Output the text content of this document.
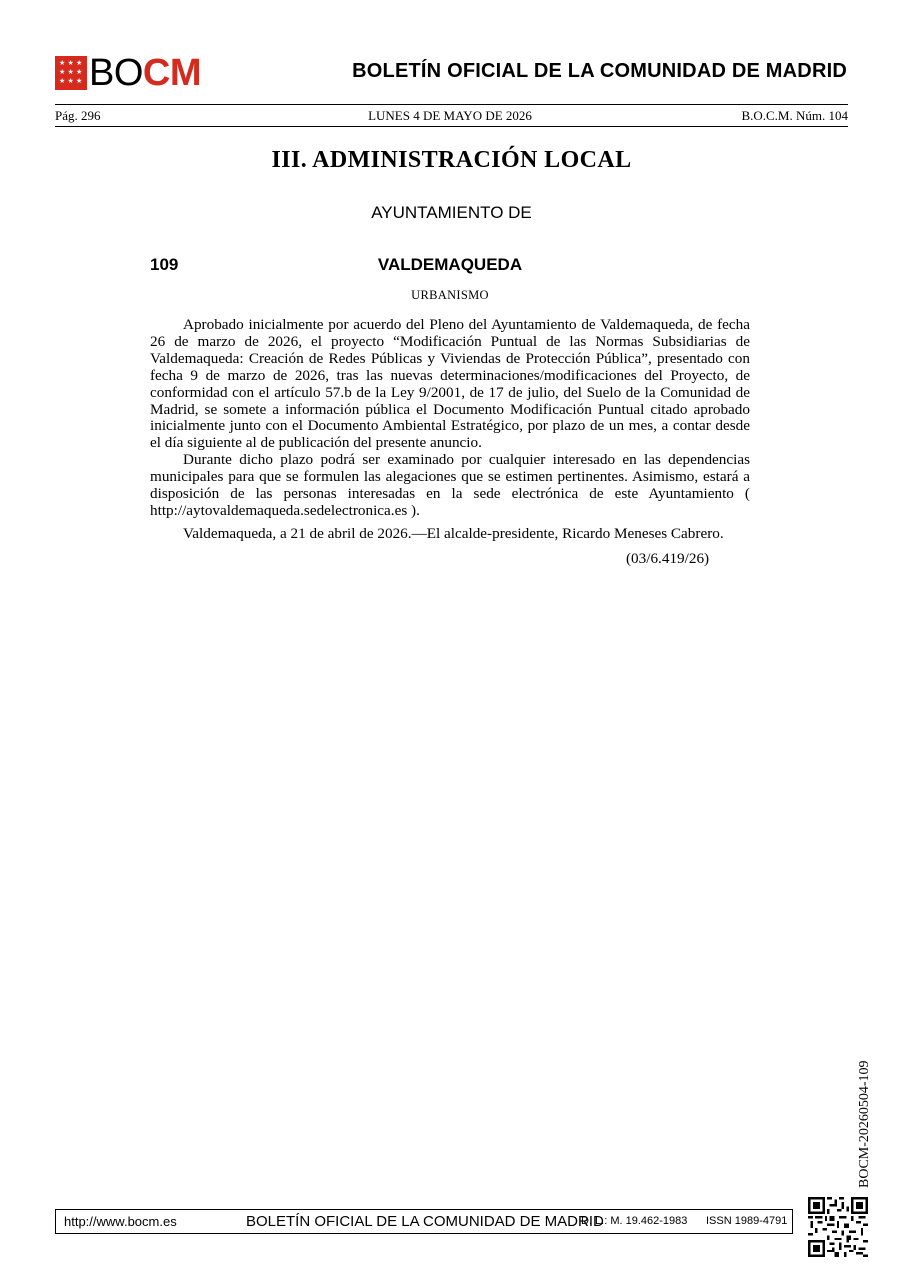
★ ★ ★
★ ★ ★
★ ★ ★ BO CM	BOLETÍN OFICIAL DE LA COMUNIDAD DE MADRID
Pág. 296	LUNES 4 DE MAYO DE 2026	B.O.C.M. Núm. 104
III. ADMINISTRACIÓN LOCAL
AYUNTAMIENTO DE
109	VALDEMAQUEDA
URBANISMO

Aprobado inicialmente por acuerdo del Pleno del Ayuntamiento de Valdemaqueda, de fecha 26 de marzo de 2026, el proyecto “Modificación Puntual de las Normas Subsidiarias de Valdemaqueda: Creación de Redes Públicas y Viviendas de Protección Pública”, presentado con fecha 9 de marzo de 2026, tras las nuevas determinaciones/modificaciones del Proyecto, de conformidad con el artículo 57.b de la Ley 9/2001, de 17 de julio, del Suelo de la Comunidad de Madrid, se somete a información pública el Documento Modificación Puntual citado aprobado inicialmente junto con el Documento Ambiental Estratégico, por plazo de un mes, a contar desde el día siguiente al de publicación del presente anuncio.

Durante dicho plazo podrá ser examinado por cualquier interesado en las dependencias municipales para que se formulen las alegaciones que se estimen pertinentes. Asimismo, estará a disposición de las personas interesadas en la sede electrónica de este Ayuntamiento ( http://aytovaldemaqueda.sedelectronica.es ).

Valdemaqueda, a 21 de abril de 2026.—El alcalde-presidente, Ricardo Meneses Cabrero.

(03/6.419/26)
BOCM-20260504-109
http://www.bocm.es	BOLETÍN OFICIAL DE LA COMUNIDAD DE MADRID
D. L.: M. 19.462-1983 ISSN 1989-4791
